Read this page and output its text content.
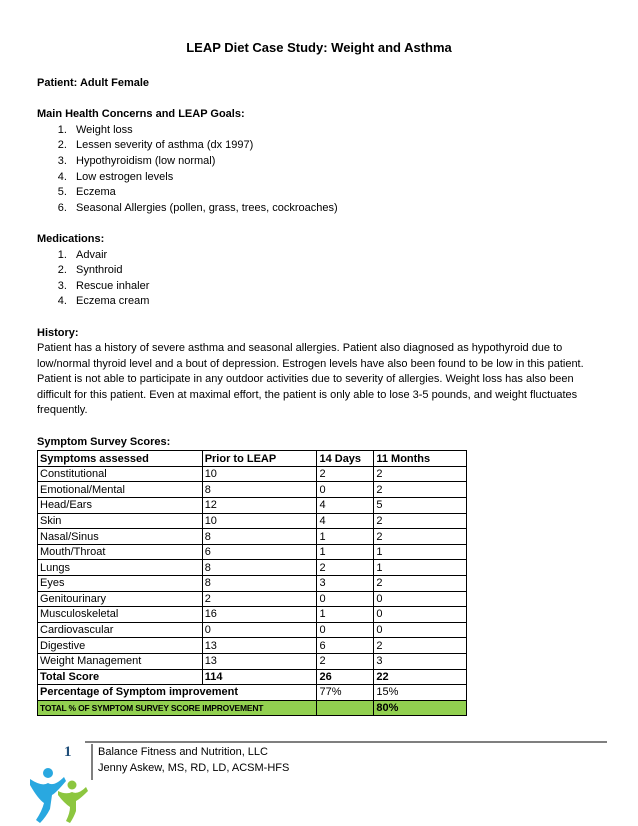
LEAP Diet Case Study: Weight and Asthma
Patient: Adult Female
Main Health Concerns and LEAP Goals:
1. Weight loss
2. Lessen severity of asthma (dx 1997)
3. Hypothyroidism (low normal)
4. Low estrogen levels
5. Eczema
6. Seasonal Allergies (pollen, grass, trees, cockroaches)
Medications:
1. Advair
2. Synthroid
3. Rescue inhaler
4. Eczema cream
History:

Patient has a history of severe asthma and seasonal allergies. Patient also diagnosed as hypothyroid due to low/normal thyroid level and a bout of depression. Estrogen levels have also been found to be low in this patient. Patient is not able to participate in any outdoor activities due to severity of allergies. Weight loss has also been difficult for this patient. Even at maximal effort, the patient is only able to lose 3-5 pounds, and weight fluctuates frequently.

Symptom Survey Scores:
Symptoms assessed	Prior to LEAP	14 Days	11 Months
Constitutional	10	2	2
Emotional/Mental	8	0	2
Head/Ears	12	4	5
Skin	10	4	2
Nasal/Sinus	8	1	2
Mouth/Throat	6	1	1
Lungs	8	2	1
Eyes	8	3	2
Genitourinary	2	0	0
Musculoskeletal	16	1	0
Cardiovascular	0	0	0
Digestive	13	6	2
Weight Management	13	2	3
Total Score	114	26	22
Percentage of Symptom improvement		77%	15%
TOTAL % OF SYMPTOM SURVEY SCORE IMPROVEMENT			80%
1 Balance Fitness and Nutrition, LLC
Jenny Askew, MS, RD, LD, ACSM-HFS
